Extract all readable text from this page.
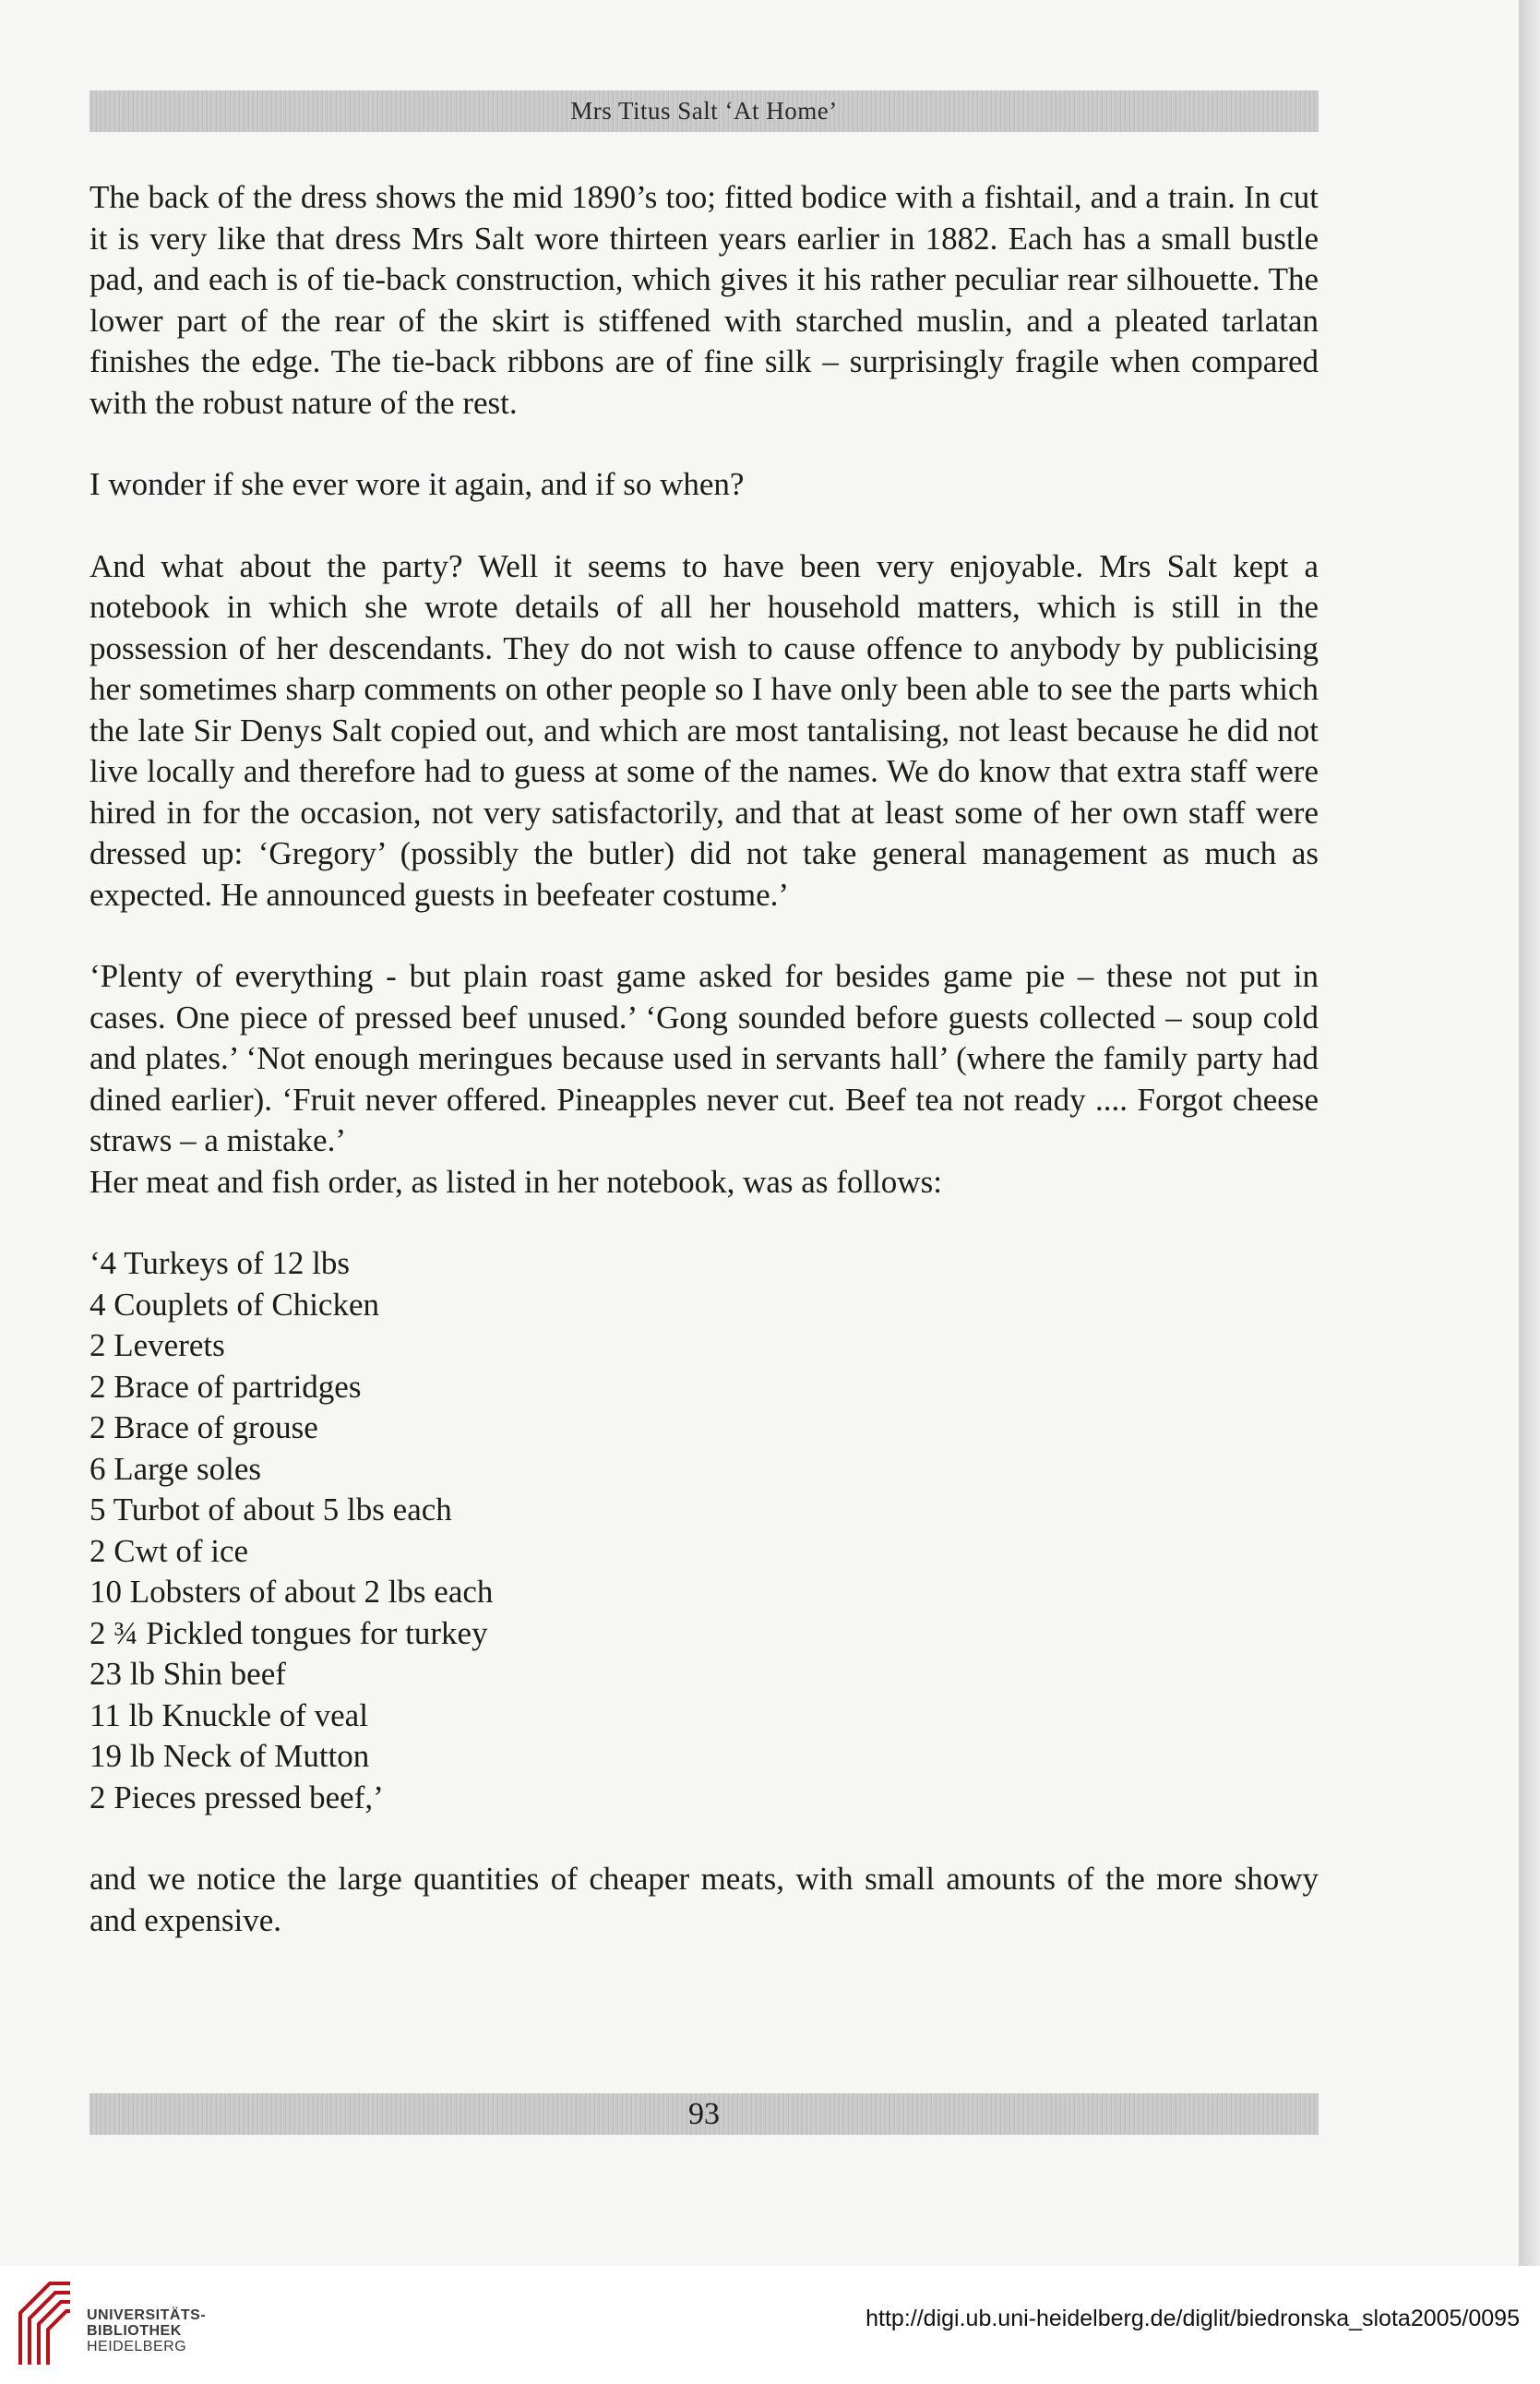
Mrs Titus Salt ‘At Home’

The back of the dress shows the mid 1890’s too; fitted bodice with a fishtail, and a train. In cut it is very like that dress Mrs Salt wore thirteen years earlier in 1882. Each has a small bustle pad, and each is of tie-back construction, which gives it his rather peculiar rear silhouette. The lower part of the rear of the skirt is stiffened with starched muslin, and a pleated tarlatan finishes the edge. The tie-back ribbons are of fine silk – surprisingly fragile when compared with the robust nature of the rest.

I wonder if she ever wore it again, and if so when?

And what about the party? Well it seems to have been very enjoyable. Mrs Salt kept a notebook in which she wrote details of all her household matters, which is still in the possession of her descendants. They do not wish to cause offence to anybody by publicising her sometimes sharp comments on other people so I have only been able to see the parts which the late Sir Denys Salt copied out, and which are most tantalising, not least because he did not live locally and therefore had to guess at some of the names. We do know that extra staff were hired in for the occasion, not very satisfactorily, and that at least some of her own staff were dressed up: ‘Gregory’ (possibly the butler) did not take general management as much as expected. He announced guests in beefeater costume.’

‘Plenty of everything - but plain roast game asked for besides game pie – these not put in cases. One piece of pressed beef unused.’ ‘Gong sounded before guests collected – soup cold and plates.’ ‘Not enough meringues because used in servants hall’ (where the family party had dined earlier). ‘Fruit never offered. Pineapples never cut. Beef tea not ready .... Forgot cheese straws – a mistake.’

Her meat and fish order, as listed in her notebook, was as follows:

‘4 Turkeys of 12 lbs
4 Couplets of Chicken
2 Leverets
2 Brace of partridges
2 Brace of grouse
6 Large soles
5 Turbot of about 5 lbs each
2 Cwt of ice
10 Lobsters of about 2 lbs each
2 ¾ Pickled tongues for turkey
23 lb Shin beef
11 lb Knuckle of veal
19 lb Neck of Mutton
2 Pieces pressed beef,’

and we notice the large quantities of cheaper meats, with small amounts of the more showy and expensive.

93
UNIVERSITÄTS-
BIBLIOTHEK
HEIDELBERG
http://digi.ub.uni-heidelberg.de/diglit/biedronska_slota2005/0095
